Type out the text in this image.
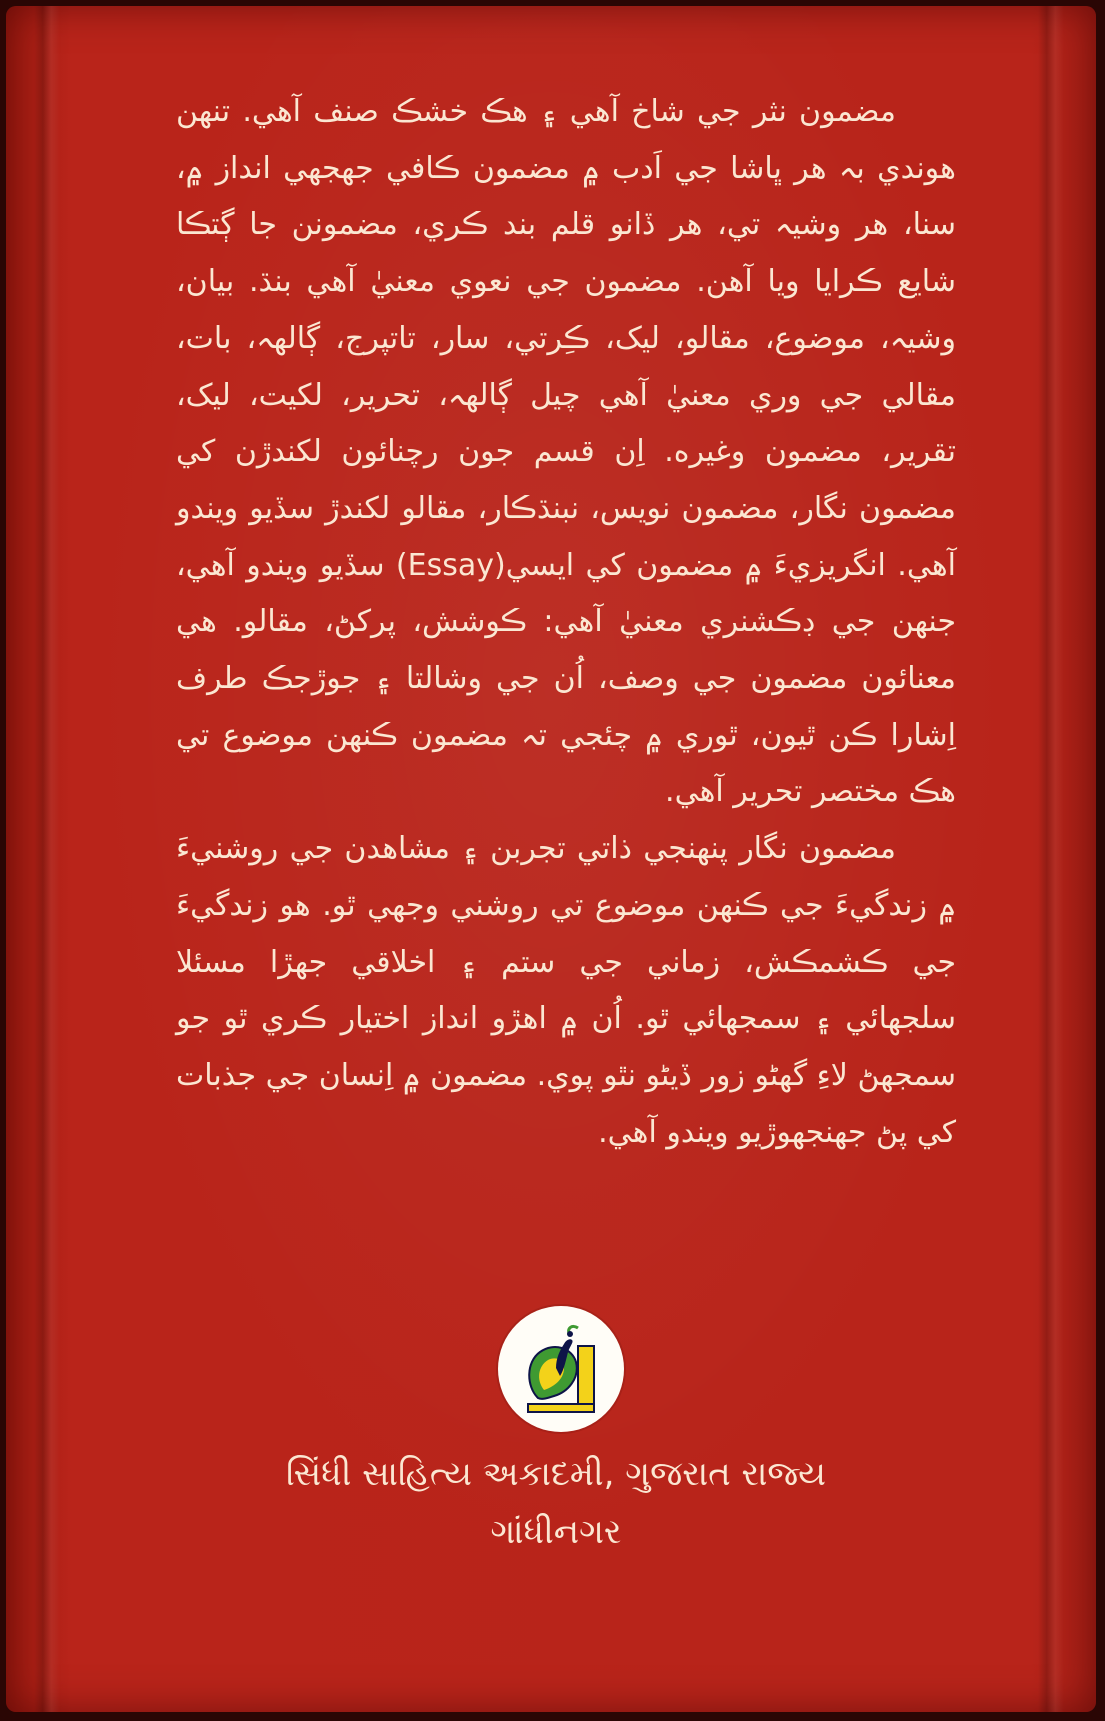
مضمون نثر جي شاخ آهي ۽ هڪ خشڪ صنف آهي. تنهن هوندي بہ هر ڀاشا جي اَدب ۾ مضمون ڪافي جهجهي انداز ۾، سنا، هر وشيہ تي، هر ڏانو قلم بند ڪري، مضمونن جا ڳتڪا شايع ڪرايا ويا آهن. مضمون جي نعوي معنيٰ آهي بنڌ. بيان، وشيہ، موضوع، مقالو، ليک، ڪِرتي، سار، تاتپرج، ڳالھہ، بات، مقالي جي وري معنيٰ آهي چيل ڳالھہ، تحرير، لکيت، ليک، تقرير، مضمون وغيره. اِن قسم جون رچنائون لکندڙن کي مضمون نگار، مضمون نويس، نبنڌڪار، مقالو لکندڙ سڏيو ويندو آهي. انگريزيءَ ۾ مضمون کي ايسي(Essay) سڏيو ويندو آهي، جنهن جي ڊڪشنري معنيٰ آهي: ڪوشش، پرکڻ، مقالو. هي معنائون مضمون جي وصف، اُن جي وشالتا ۽ جوڙجڪ طرف اِشارا ڪن ٿيون، ٿوري ۾ چئجي تہ مضمون ڪنهن موضوع تي هڪ مختصر تحرير آهي.

مضمون نگار پنهنجي ذاتي تجربن ۽ مشاهدن جي روشنيءَ ۾ زندگيءَ جي ڪنهن موضوع تي روشني وجهي ٿو. هو زندگيءَ جي ڪشمڪش، زماني جي ستم ۽ اخلاقي جهڙا مسئلا سلجهائي ۽ سمجهائي ٿو. اُن ۾ اهڙو انداز اختيار ڪري ٿو جو سمجهڻ لاءِ گهڻو زور ڏيڻو نٿو پوي. مضمون ۾ اِنسان جي جذبات کي پڻ جهنجهوڙيو ويندو آهي.

સિંધી સાહિત્ય અકાદમી, ગુજરાત રાજ્ય
ગાંધીનગર
